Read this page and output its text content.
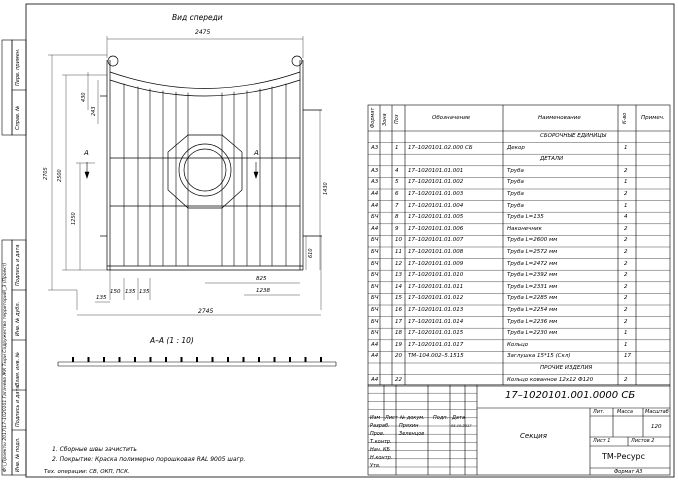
Вид спереди
2475
2745
2705 2500
1250
430
243
1430
610
135
150 135 135
825
1238
А	А
А–А (1 : 10)
1. Сборные швы зачистить
2. Покрытие: Краска полимерно порошковая RAL 9005 шагр.
Перв. примен.
Справ. №
Подпись и дата
Инв. № дубл.
Взам. инв. №
Подпись и дата
Инв. № подл.
Ф:\_Проекты 2017\17–1020101 Гагачева ЖК Тыри Содружество территорий\_3 (Проект)
Формат Зона Поз	Обозначение	Наименование	К-во Примеч.
СБОРОЧНЫЕ ЕДИНИЦЫ
А3	1 17–1020101.02.000 СБ	Декор	1
ДЕТАЛИ
А3	4 17–1020101.01.001	Труба	2
А3	5 17–1020101.01.002	Труба	1
А4	6 17–1020101.01.003	Труба	2
А4	7 17–1020101.01.004	Труба	1
БЧ	8 17–1020101.01.005	Труба L=135	4
А4	9 17–1020101.01.006	Наконечник	2
БЧ	10 17–1020101.01.007	Труба L=2600 мм	2
БЧ	11 17–1020101.01.008	Труба L=2572 мм	2
БЧ	12 17–1020101.01.009	Труба L=2472 мм	2
БЧ	13 17–1020101.01.010	Труба L=2392 мм	2
БЧ	14 17–1020101.01.011	Труба L=2331 мм	2
БЧ	15 17–1020101.01.012	Труба L=2285 мм	2
БЧ	16 17–1020101.01.013	Труба L=2254 мм	2
БЧ	17 17–1020101.01.014	Труба L=2236 мм	2
БЧ	18 17–1020101.01.015	Труба L=2230 мм	1
А4	19 17–1020101.01.017	Кольцо	1
А4	20 ТМ–104.002–5.1515	Заглушка 15*15 (Скл)	17
ПРОЧИЕ ИЗДЕЛИЯ
А4	22	Кольцо кованное 12х12 Ф120	2
17–1020101.001.0000 СБ
Секция
Лит. Масса Масштаб
120
Лист 1	Листов 2
ТМ-Ресурс
Формат А3
Изм Лист № докум. Подп. Дата
Разраб. Пряхин	05.10.2017
Пров.	Зеленцов
Т.контр.
Нач. КБ
Н.контр.
Утв.
Тех. операции: СВ, ОКП, ПСК.
